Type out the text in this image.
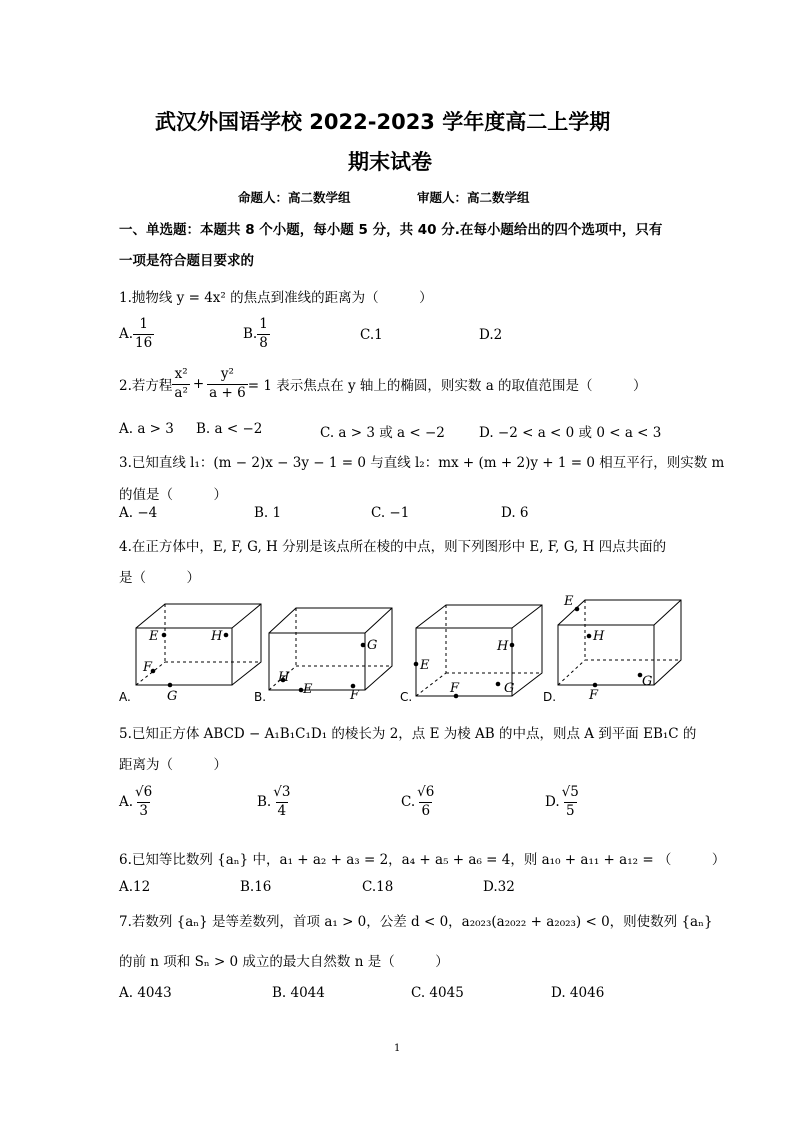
武汉外国语学校 2022-2023 学年度高二上学期
期末试卷
命题人：高二数学组	审题人：高二数学组
一、单选题：本题共 8 个小题，每小题 5 分，共 40 分.在每小题给出的四个选项中，只有
一项是符合题目要求的
1.抛物线 y = 4x² 的焦点到准线的距离为（　　　）
A. $\frac{1}{16}$	B. $\frac{1}{8}$	C.1	D.2
2.若方程 $\frac{\text{x²}}{\text{a²}} + \frac{\text{y²}}{a + 6} = 1$ 表示焦点在 y 轴上的椭圆，则实数 a 的取值范围是（　　　）
A. a > 3 B. a < −2	C. a > 3 或 a < −2	D. −2 < a < 0 或 0 < a < 3
3.已知直线 l₁：(m − 2)x − 3y − 1 = 0 与直线 l₂：mx + (m + 2)y + 1 = 0 相互平行，则实数 m
的值是（　　　）
A. −4	B. 1	C. −1	D. 6
4.在正方体中，E, F, G, H 分别是该点所在棱的中点，则下列图形中 E, F, G, H 四点共面的
是（　　　）
A.	B.	C.	D.
E	H
F
G
G
H
E	F
E
H
F	G
E
H
F
G
5.已知正方体 ABCD − A₁B₁C₁D₁ 的棱长为 2，点 E 为棱 AB 的中点，则点 A 到平面 EB₁C 的
距离为（　　　）
A. $\frac{√6}{3}$	B. $\frac{√3}{4}$	C. $\frac{√6}{6}$	D. $\frac{√5}{5}$
6.已知等比数列 {aₙ} 中，a₁ + a₂ + a₃ = 2，a₄ + a₅ + a₆ = 4，则 a₁₀ + a₁₁ + a₁₂ = （　　　）
A.12	B.16	C.18	D.32
7.若数列 {aₙ} 是等差数列，首项 a₁ > 0，公差 d < 0，a₂₀₂₃(a₂₀₂₂ + a₂₀₂₃) < 0，则使数列 {aₙ}
的前 n 项和 Sₙ > 0 成立的最大自然数 n 是（　　　）
A. 4043	B. 4044	C. 4045	D. 4046
1
